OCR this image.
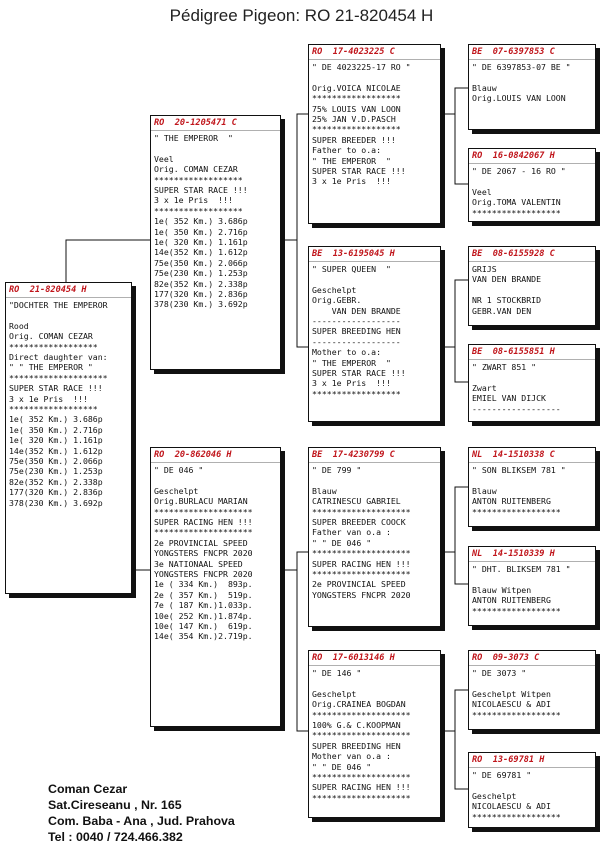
Pédigree Pigeon: RO 21-820454 H
RO  21-820454 H
"DOCHTER THE EMPEROR
Rood
Orig. COMAN CEZAR
******************
Direct daughter van:
" " THE EMPEROR "
********************
SUPER STAR RACE !!!
3 x 1e Pris  !!!
******************
1e( 352 Km.) 3.686p
1e( 350 Km.) 2.716p
1e( 320 Km.) 1.161p
14e(352 Km.) 1.612p
75e(350 Km.) 2.066p
75e(230 Km.) 1.253p
82e(352 Km.) 2.338p
177(320 Km.) 2.836p
378(230 Km.) 3.692p
RO  20-1205471 C
" THE EMPEROR  "
Veel
Orig. COMAN CEZAR
******************
SUPER STAR RACE !!!
3 x 1e Pris  !!!
******************
1e( 352 Km.) 3.686p
1e( 350 Km.) 2.716p
1e( 320 Km.) 1.161p
14e(352 Km.) 1.612p
75e(350 Km.) 2.066p
75e(230 Km.) 1.253p
82e(352 Km.) 2.338p
177(320 Km.) 2.836p
378(230 Km.) 3.692p
RO  20-862046 H
" DE 046 "
Geschelpt
Orig.BURLACU MARIAN
********************
SUPER RACING HEN !!!
********************
2e PROVINCIAL SPEED
YONGSTERS FNCPR 2020
3e NATIONAAL SPEED
YONGSTERS FNCPR 2020
1e ( 334 Km.)  893p.
2e ( 357 Km.)  519p.
7e ( 187 Km.)1.033p.
10e( 252 Km.)1.874p.
10e( 147 Km.)  619p.
14e( 354 Km.)2.719p.
RO  17-4023225 C
" DE 4023225-17 RO "
Orig.VOICA NICOLAE
******************
75% LOUIS VAN LOON
25% JAN V.D.PASCH
******************
SUPER BREEDER !!!
Father to o.a:
" THE EMPEROR  "
SUPER STAR RACE !!!
3 x 1e Pris  !!!
BE  13-6195045 H
" SUPER QUEEN  "
Geschelpt
Orig.GEBR.
VAN DEN BRANDE
------------------
SUPER BREEDING HEN
------------------
Mother to o.a:
" THE EMPEROR  "
SUPER STAR RACE !!!
3 x 1e Pris  !!!
******************
BE  17-4230799 C
" DE 799 "
Blauw
CATRINESCU GABRIEL
********************
SUPER BREEDER COOCK
Father van o.a :
" " DE 046 "
********************
SUPER RACING HEN !!!
********************
2e PROVINCIAL SPEED
YONGSTERS FNCPR 2020
RO  17-6013146 H
" DE 146 "
Geschelpt
Orig.CRAINEA BOGDAN
********************
100% G.& C.KOOPMAN
********************
SUPER BREEDING HEN
Mother van o.a :
" " DE 046 "
********************
SUPER RACING HEN !!!
********************
BE  07-6397853 C
" DE 6397853-07 BE "
Blauw
Orig.LOUIS VAN LOON
RO  16-0842067 H
" DE 2067 - 16 RO "
Veel
Orig.TOMA VALENTIN
******************
BE  08-6155928 C
GRIJS
VAN DEN BRANDE
NR 1 STOCKBRID
GEBR.VAN DEN
BE  08-6155851 H
" ZWART 851 "
Zwart
EMIEL VAN DIJCK
------------------
NL  14-1510338 C
" SON BLIKSEM 781 "
Blauw
ANTON RUITENBERG
******************
NL  14-1510339 H
" DHT. BLIKSEM 781 "
Blauw Witpen
ANTON RUITENBERG
******************
RO  09-3073 C
" DE 3073 "
Geschelpt Witpen
NICOLAESCU & ADI
******************
RO  13-69781 H
" DE 69781 "
Geschelpt
NICOLAESCU & ADI
******************
Coman Cezar
Sat.Cireseanu , Nr. 165
Com. Baba - Ana , Jud. Prahova
Tel : 0040 / 724.466.382
